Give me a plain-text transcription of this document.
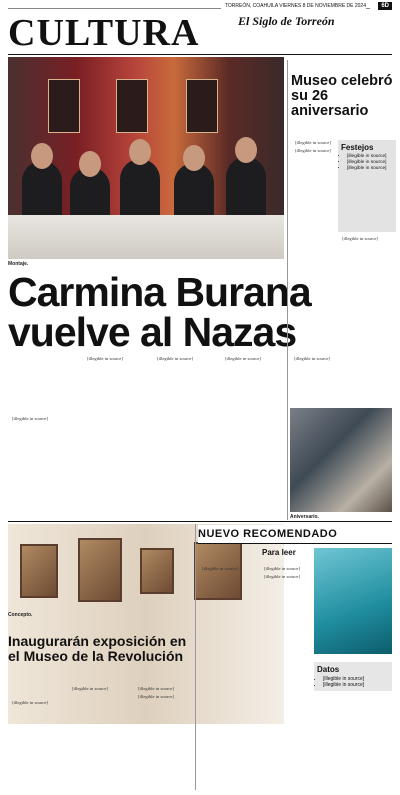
TORREÓN, COAHUILA VIERNES 8 DE NOVIEMBRE DE 2024	6D
CULTURA	El Siglo de Torreón
Montaje.
Museo celebró su 26 aniversario

[illegible in source]

[illegible in source]	Festejos
• [illegible in source]
• [illegible in source]
• [illegible in source]

[illegible in source]

Carmina Burana vuelve al Nazas

[illegible in source]

[illegible in source]	[illegible in source]	[illegible in source]	[illegible in source]

Aniversario.
Concepto.
NUEVO RECOMENDADO
Para leer

[illegible in source]	[illegible in source]

[illegible in source]

Datos
• [illegible in source]
• [illegible in source]
Inaugurarán exposición en el Museo de la Revolución

[illegible in source]

[illegible in source]	[illegible in source]

[illegible in source]
